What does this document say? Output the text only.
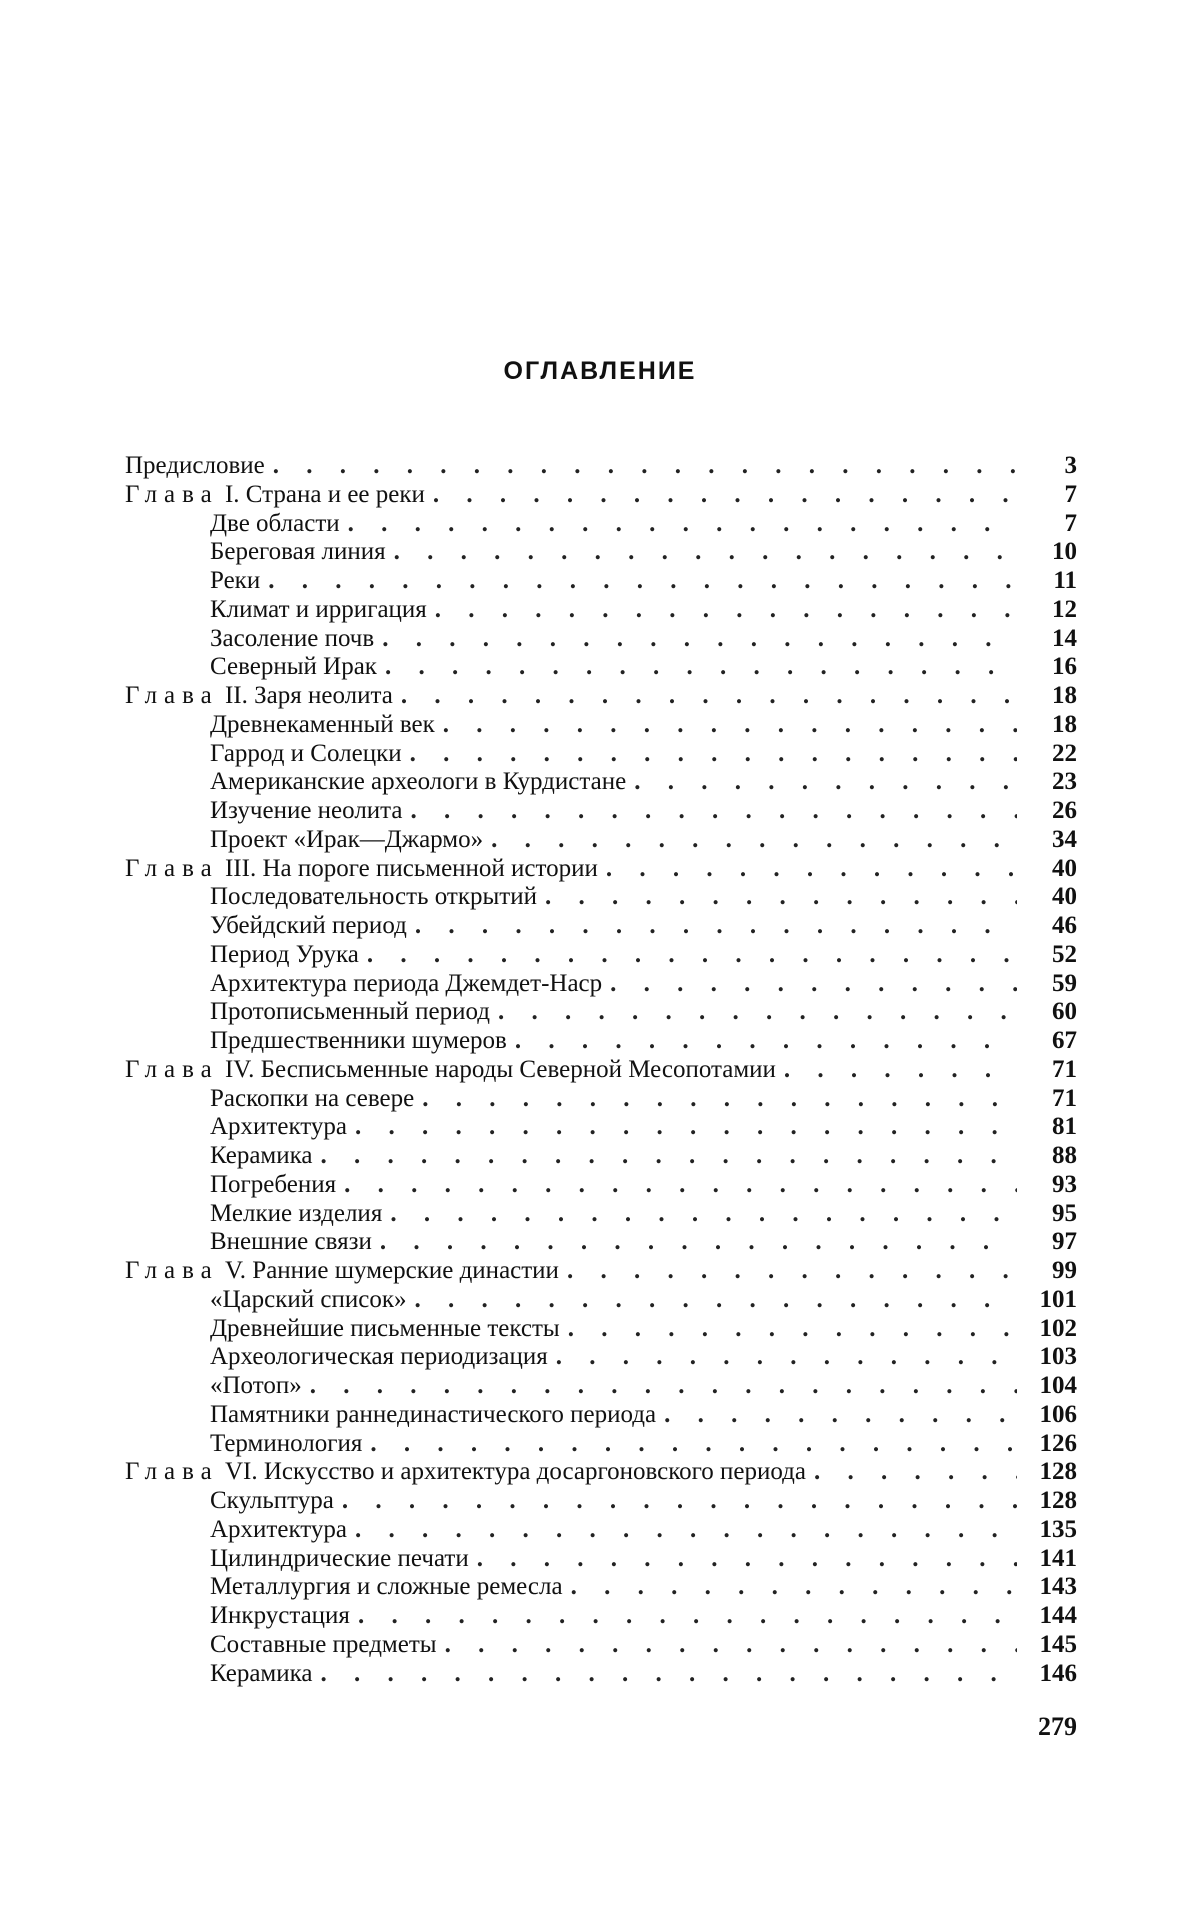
ОГЛАВЛЕНИЕ
Предисловие . . .	3
Глава I. Страна и ее реки . . .	7
Две области . . .	7
Береговая линия . . .	10
Реки . . .	11
Климат и ирригация . . .	12
Засоление почв . . .	14
Северный Ирак . . .	16
Глава II. Заря неолита . . .	18
Древнекаменный век . . .	18
Гаррод и Солецки . . .	22
Американские археологи в Курдистане . . .	23
Изучение неолита . . .	26
Проект «Ирак—Джармо» . . .	34
Глава III. На пороге письменной истории . . .	40
Последовательность открытий . . .	40
Убейдский период . . .	46
Период Урука . . .	52
Архитектура периода Джемдет-Наср . . .	59
Протописьменный период . . .	60
Предшественники шумеров . . .	67
Глава IV. Бесписьменные народы Северной Месопотамии . . .	71
Раскопки на севере . . .	71
Архитектура . . .	81
Керамика . . .	88
Погребения . . .	93
Мелкие изделия . . .	95
Внешние связи . . .	97
Глава V. Ранние шумерские династии . . .	99
«Царский список» . . .	101
Древнейшие письменные тексты . . .	102
Археологическая периодизация . . .	103
«Потоп» . . .	104
Памятники раннединастического периода . . .	106
Терминология . . .	126
Глава VI. Искусство и архитектура досаргоновского периода . . .	128
Скульптура . . .	128
Архитектура . . .	135
Цилиндрические печати . . .	141
Металлургия и сложные ремесла . . .	143
Инкрустация . . .	144
Составные предметы . . .	145
Керамика . . .	146
279
